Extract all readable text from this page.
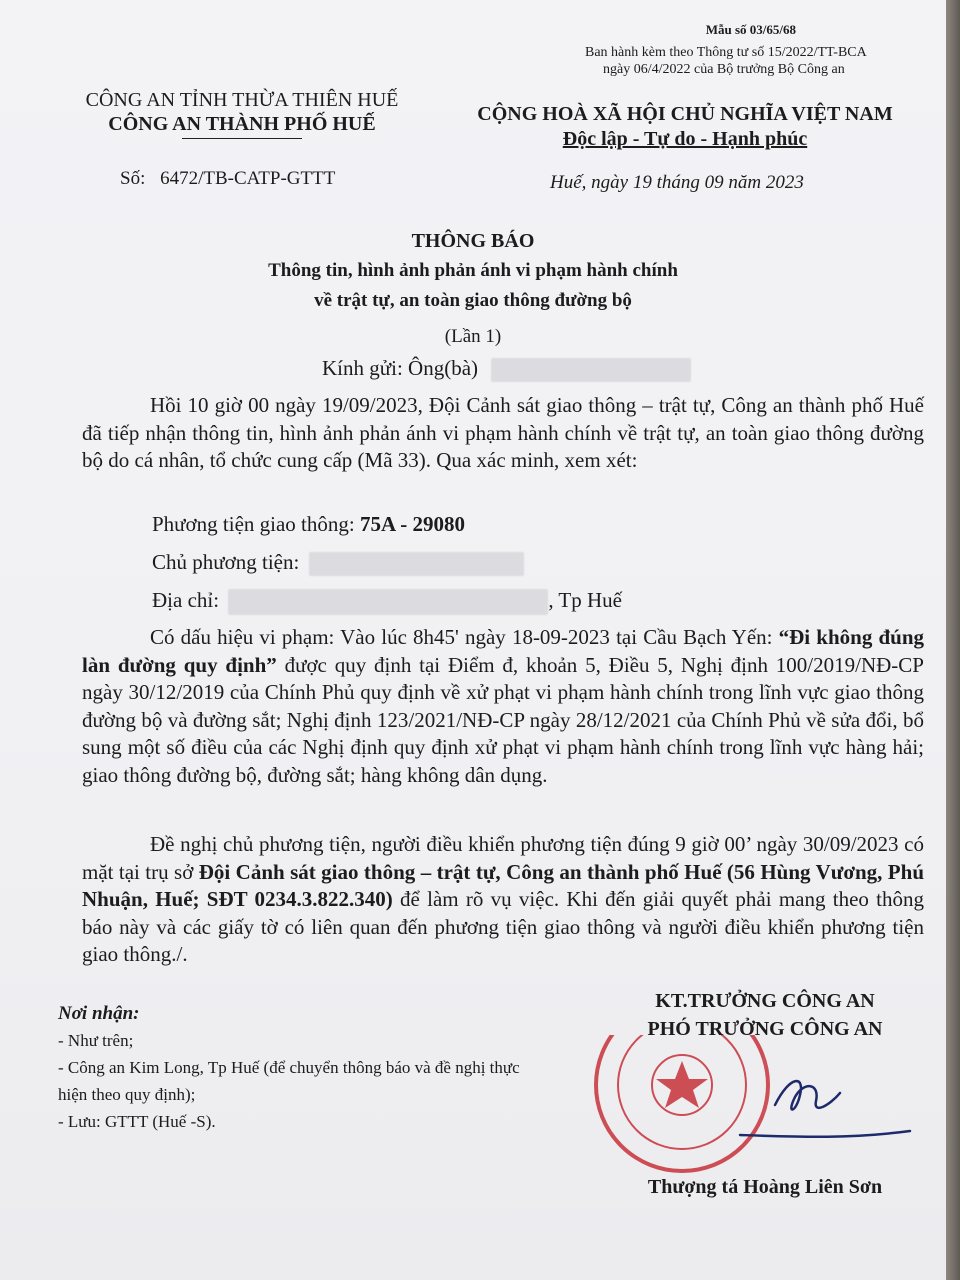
Mẫu số 03/65/68
Ban hành kèm theo Thông tư số 15/2022/TT-BCA
ngày 06/4/2022 của Bộ trưởng Bộ Công an
CÔNG AN TỈNH THỪA THIÊN HUẾ
CÔNG AN THÀNH PHỐ HUẾ	CỘNG HOÀ XÃ HỘI CHỦ NGHĨA VIỆT NAM
Độc lập - Tự do - Hạnh phúc
Số: 6472/TB-CATP-GTTT	Huế, ngày 19 tháng 09 năm 2023
THÔNG BÁO
Thông tin, hình ảnh phản ánh vi phạm hành chính
về trật tự, an toàn giao thông đường bộ
(Lần 1)
Kính gửi: Ông(bà)
Hồi 10 giờ 00 ngày 19/09/2023, Đội Cảnh sát giao thông – trật tự, Công an thành phố Huế đã tiếp nhận thông tin, hình ảnh phản ánh vi phạm hành chính về trật tự, an toàn giao thông đường bộ do cá nhân, tổ chức cung cấp (Mã 33). Qua xác minh, xem xét:
Phương tiện giao thông: 75A - 29080
Chủ phương tiện:
Địa chỉ:	, Tp Huế
Có dấu hiệu vi phạm: Vào lúc 8h45' ngày 18-09-2023 tại Cầu Bạch Yến: “Đi không đúng làn đường quy định” được quy định tại Điểm đ, khoản 5, Điều 5, Nghị định 100/2019/NĐ-CP ngày 30/12/2019 của Chính Phủ quy định về xử phạt vi phạm hành chính trong lĩnh vực giao thông đường bộ và đường sắt; Nghị định 123/2021/NĐ-CP ngày 28/12/2021 của Chính Phủ về sửa đổi, bổ sung một số điều của các Nghị định quy định xử phạt vi phạm hành chính trong lĩnh vực hàng hải; giao thông đường bộ, đường sắt; hàng không dân dụng.
Đề nghị chủ phương tiện, người điều khiển phương tiện đúng 9 giờ 00’ ngày 30/09/2023 có mặt tại trụ sở Đội Cảnh sát giao thông – trật tự, Công an thành phố Huế (56 Hùng Vương, Phú Nhuận, Huế; SĐT 0234.3.822.340) để làm rõ vụ việc. Khi đến giải quyết phải mang theo thông báo này và các giấy tờ có liên quan đến phương tiện giao thông và người điều khiển phương tiện giao thông./.
Nơi nhận:
- Như trên;
- Công an Kim Long, Tp Huế (để chuyển thông báo và đề nghị thực hiện theo quy định);
- Lưu: GTTT (Huế -S).
KT.TRƯỞNG CÔNG AN
PHÓ TRƯỞNG CÔNG AN
Thượng tá Hoàng Liên Sơn
